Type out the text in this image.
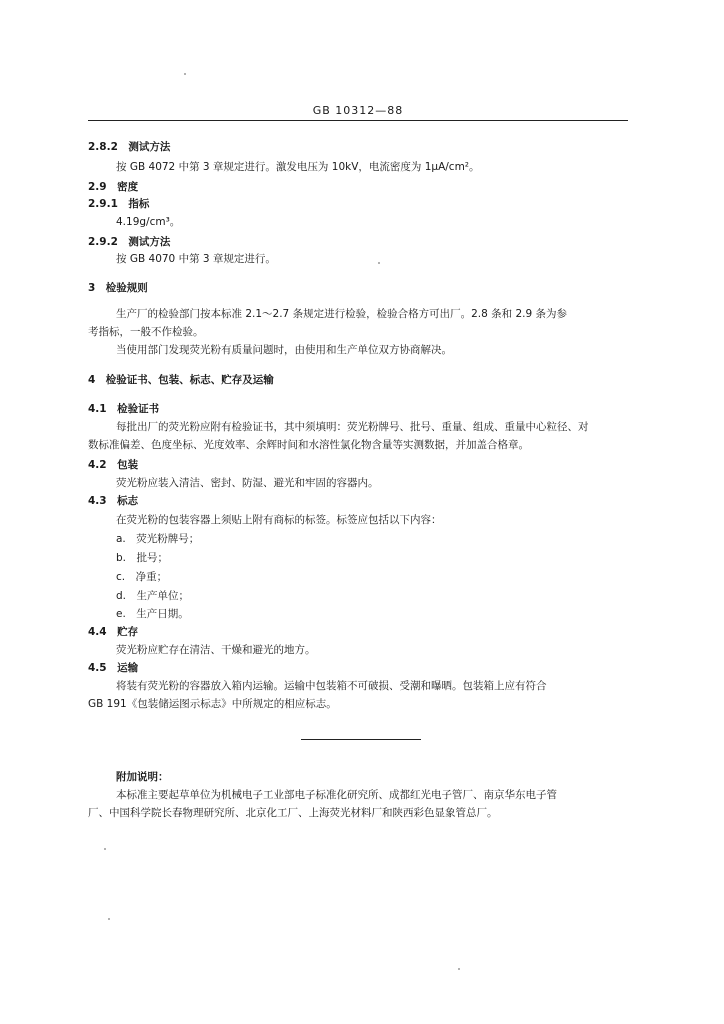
GB 10312—88
2.8.2　测试方法
按 GB 4072 中第 3 章规定进行。激发电压为 10kV，电流密度为 1μA/cm²。
2.9　密度
2.9.1　指标
4.19g/cm³。
2.9.2　测试方法
按 GB 4070 中第 3 章规定进行。
3　检验规则
生产厂的检验部门按本标准 2.1～2.7 条规定进行检验，检验合格方可出厂。2.8 条和 2.9 条为参
考指标，一般不作检验。
当使用部门发现荧光粉有质量问题时，由使用和生产单位双方协商解决。
4　检验证书、包装、标志、贮存及运输
4.1　检验证书
每批出厂的荧光粉应附有检验证书，其中须填明：荧光粉牌号、批号、重量、组成、重量中心粒径、对
数标准偏差、色度坐标、光度效率、余辉时间和水溶性氯化物含量等实测数据，并加盖合格章。
4.2　包装
荧光粉应装入清洁、密封、防湿、避光和牢固的容器内。
4.3　标志
在荧光粉的包装容器上须贴上附有商标的标签。标签应包括以下内容：
a.　荧光粉牌号；
b.　批号；
c.　净重；
d.　生产单位；
e.　生产日期。
4.4　贮存
荧光粉应贮存在清洁、干燥和避光的地方。
4.5　运输
将装有荧光粉的容器放入箱内运输。运输中包装箱不可破损、受潮和曝晒。包装箱上应有符合
GB 191《包装储运图示标志》中所规定的相应标志。
附加说明：
本标准主要起草单位为机械电子工业部电子标准化研究所、成都红光电子管厂、南京华东电子管
厂、中国科学院长春物理研究所、北京化工厂、上海荧光材料厂和陕西彩色显象管总厂。
